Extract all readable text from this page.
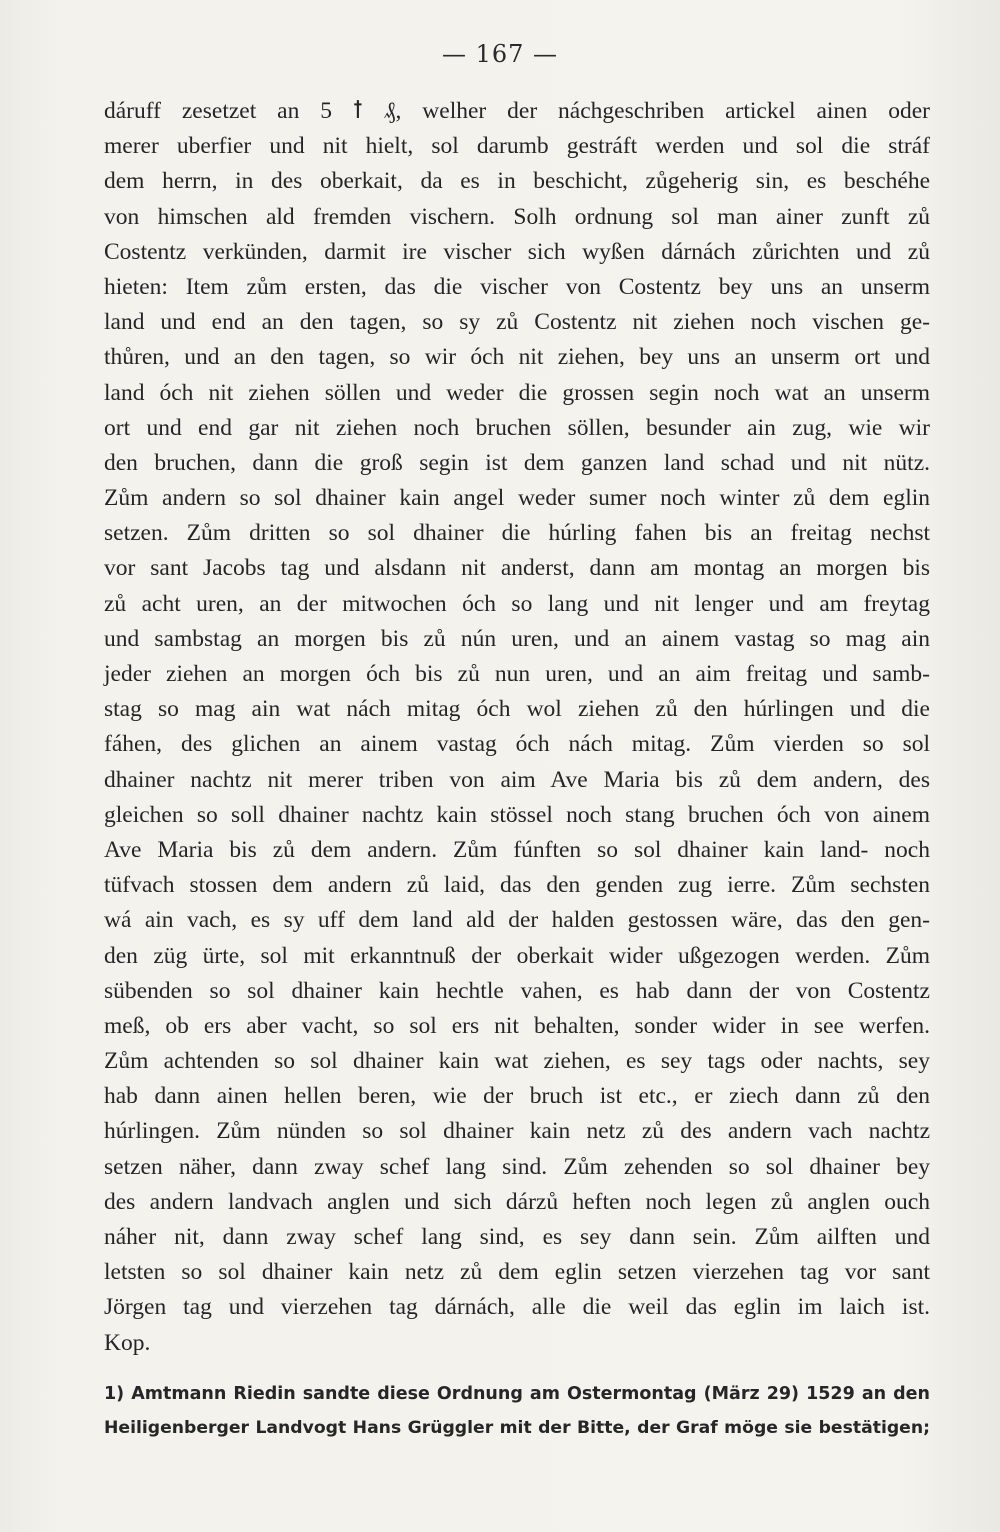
— 167 —
dáruff zesetzet an 5 ꝉ ₰, welher der náchgeschriben artickel ainen oder
merer uberfier und nit hielt, sol darumb gestráft werden und sol die stráf
dem herrn, in des oberkait, da es in beschicht, zůgeherig sin, es beschéhe
von himschen ald fremden vischern. Solh ordnung sol man ainer zunft zů
Costentz verkünden, darmit ire vischer sich wyßen dárnách zůrichten und zů
hieten: Item zům ersten, das die vischer von Costentz bey uns an unserm
land und end an den tagen, so sy zů Costentz nit ziehen noch vischen ge-
thůren, und an den tagen, so wir óch nit ziehen, bey uns an unserm ort und
land óch nit ziehen söllen und weder die grossen segin noch wat an unserm
ort und end gar nit ziehen noch bruchen söllen, besunder ain zug, wie wir
den bruchen, dann die groß segin ist dem ganzen land schad und nit nütz.
Zům andern so sol dhainer kain angel weder sumer noch winter zů dem eglin
setzen. Zům dritten so sol dhainer die húrling fahen bis an freitag nechst
vor sant Jacobs tag und alsdann nit anderst, dann am montag an morgen bis
zů acht uren, an der mitwochen óch so lang und nit lenger und am freytag
und sambstag an morgen bis zů nún uren, und an ainem vastag so mag ain
jeder ziehen an morgen óch bis zů nun uren, und an aim freitag und samb-
stag so mag ain wat nách mitag óch wol ziehen zů den húrlingen und die
fáhen, des glichen an ainem vastag óch nách mitag. Zům vierden so sol
dhainer nachtz nit merer triben von aim Ave Maria bis zů dem andern, des
gleichen so soll dhainer nachtz kain stössel noch stang bruchen óch von ainem
Ave Maria bis zů dem andern. Zům fúnften so sol dhainer kain land- noch
tüfvach stossen dem andern zů laid, das den genden zug ierre. Zům sechsten
wá ain vach, es sy uff dem land ald der halden gestossen wäre, das den gen-
den züg ürte, sol mit erkanntnuß der oberkait wider ußgezogen werden. Zům
sübenden so sol dhainer kain hechtle vahen, es hab dann der von Costentz
meß, ob ers aber vacht, so sol ers nit behalten, sonder wider in see werfen.
Zům achtenden so sol dhainer kain wat ziehen, es sey tags oder nachts, sey
hab dann ainen hellen beren, wie der bruch ist etc., er ziech dann zů den
húrlingen. Zům nünden so sol dhainer kain netz zů des andern vach nachtz
setzen näher, dann zway schef lang sind. Zům zehenden so sol dhainer bey
des andern landvach anglen und sich dárzů heften noch legen zů anglen ouch
náher nit, dann zway schef lang sind, es sey dann sein. Zům ailften und
letsten so sol dhainer kain netz zů dem eglin setzen vierzehen tag vor sant
Jörgen tag und vierzehen tag dárnách, alle die weil das eglin im laich ist.
Kop.
1) Amtmann Riedin sandte diese Ordnung am Ostermontag (März 29) 1529 an den
Heiligenberger Landvogt Hans Grüggler mit der Bitte, der Graf möge sie bestätigen;
